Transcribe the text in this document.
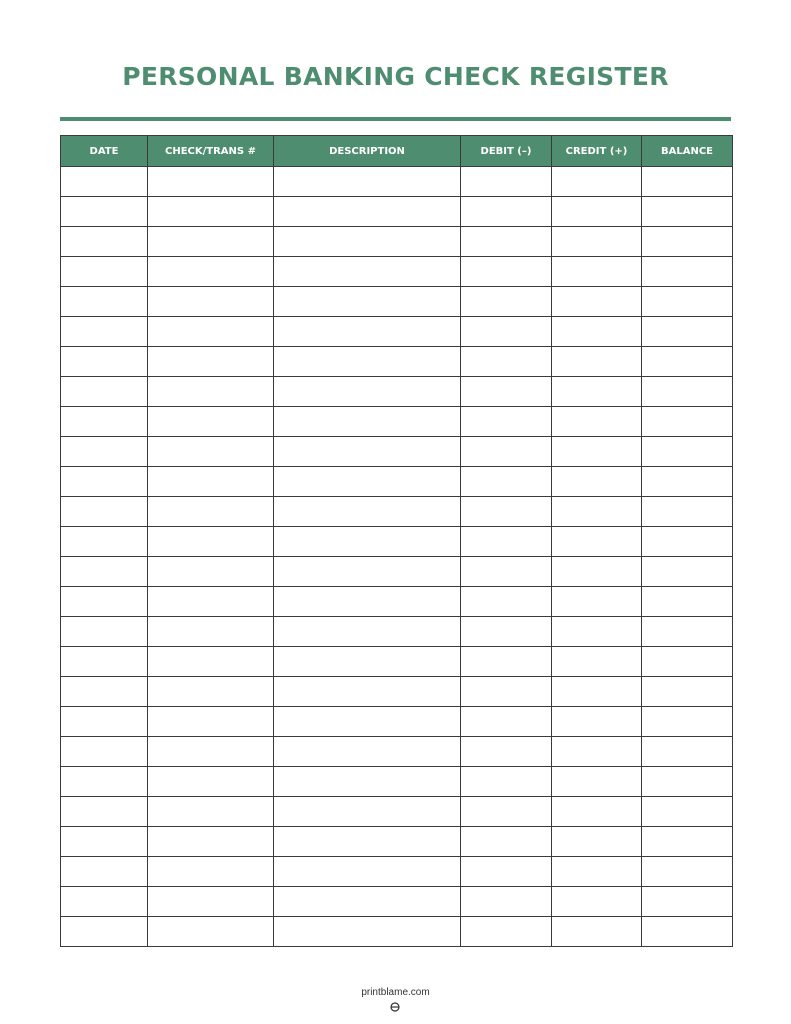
PERSONAL BANKING CHECK REGISTER
DATE	CHECK/TRANS #	DESCRIPTION	DEBIT (–)	CREDIT (+)	BALANCE

printblame.com
